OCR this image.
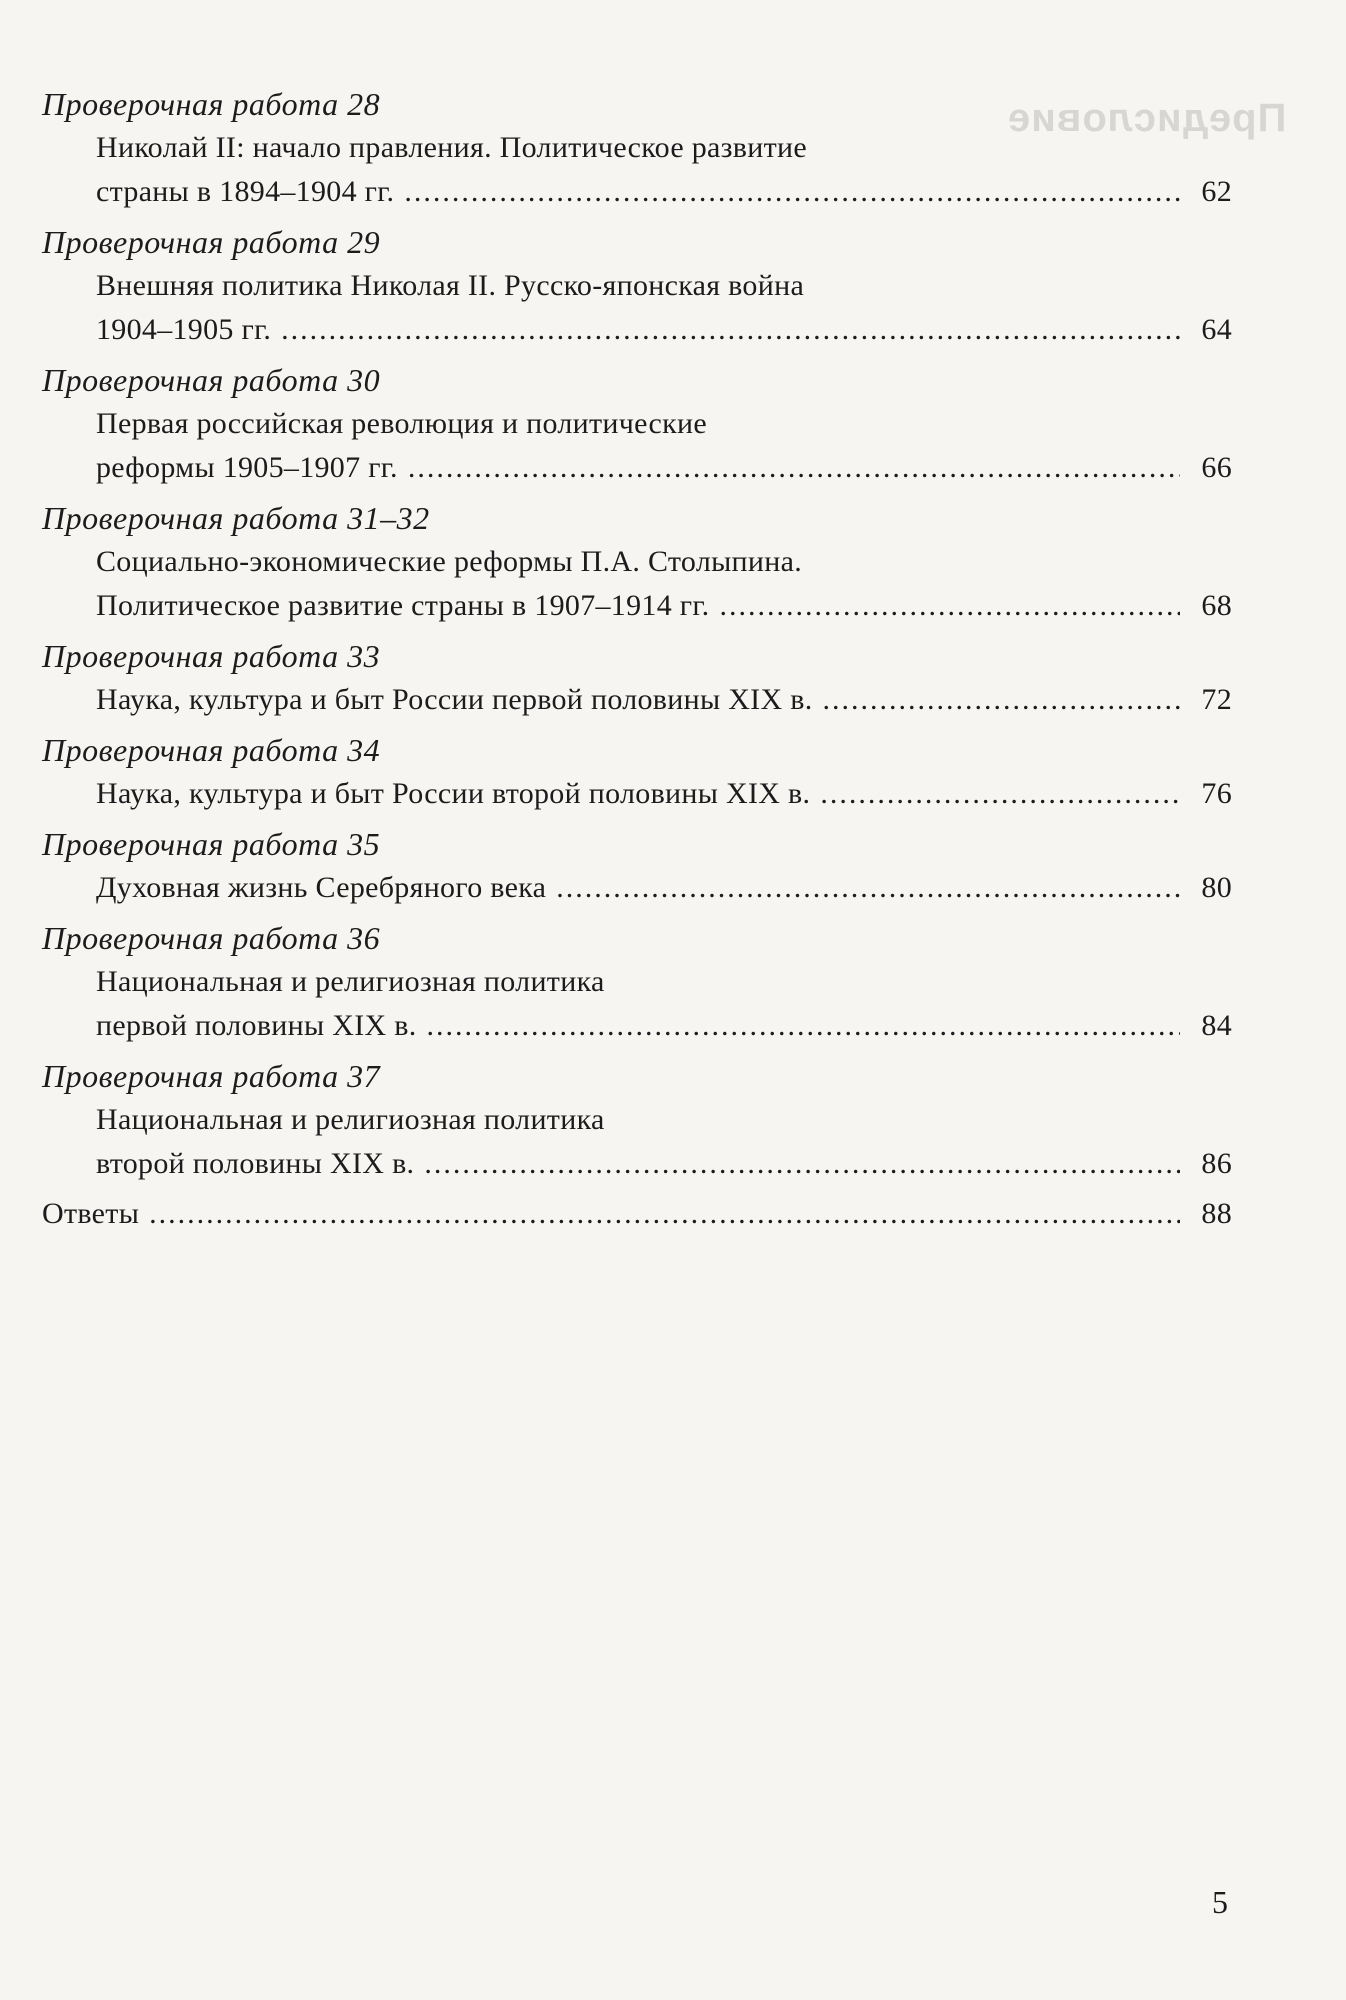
Предисловие
Проверочная работа 28
Николай II: начало правления. Политическое развитие
страны в 1894–1904 гг. .....	62
Проверочная работа 29
Внешняя политика Николая II. Русско-японская война
1904–1905 гг. .....	64
Проверочная работа 30
Первая российская революция и политические
реформы 1905–1907 гг. .....	66
Проверочная работа 31–32
Социально-экономические реформы П.А. Столыпина.
Политическое развитие страны в 1907–1914 гг. .....	68
Проверочная работа 33
Наука, культура и быт России первой половины XIX в. .....	72
Проверочная работа 34
Наука, культура и быт России второй половины XIX в. .....	76
Проверочная работа 35
Духовная жизнь Серебряного века .....	80
Проверочная работа 36
Национальная и религиозная политика
первой половины XIX в. .....	84
Проверочная работа 37
Национальная и религиозная политика
второй половины XIX в. .....	86
Ответы .....	88
5
